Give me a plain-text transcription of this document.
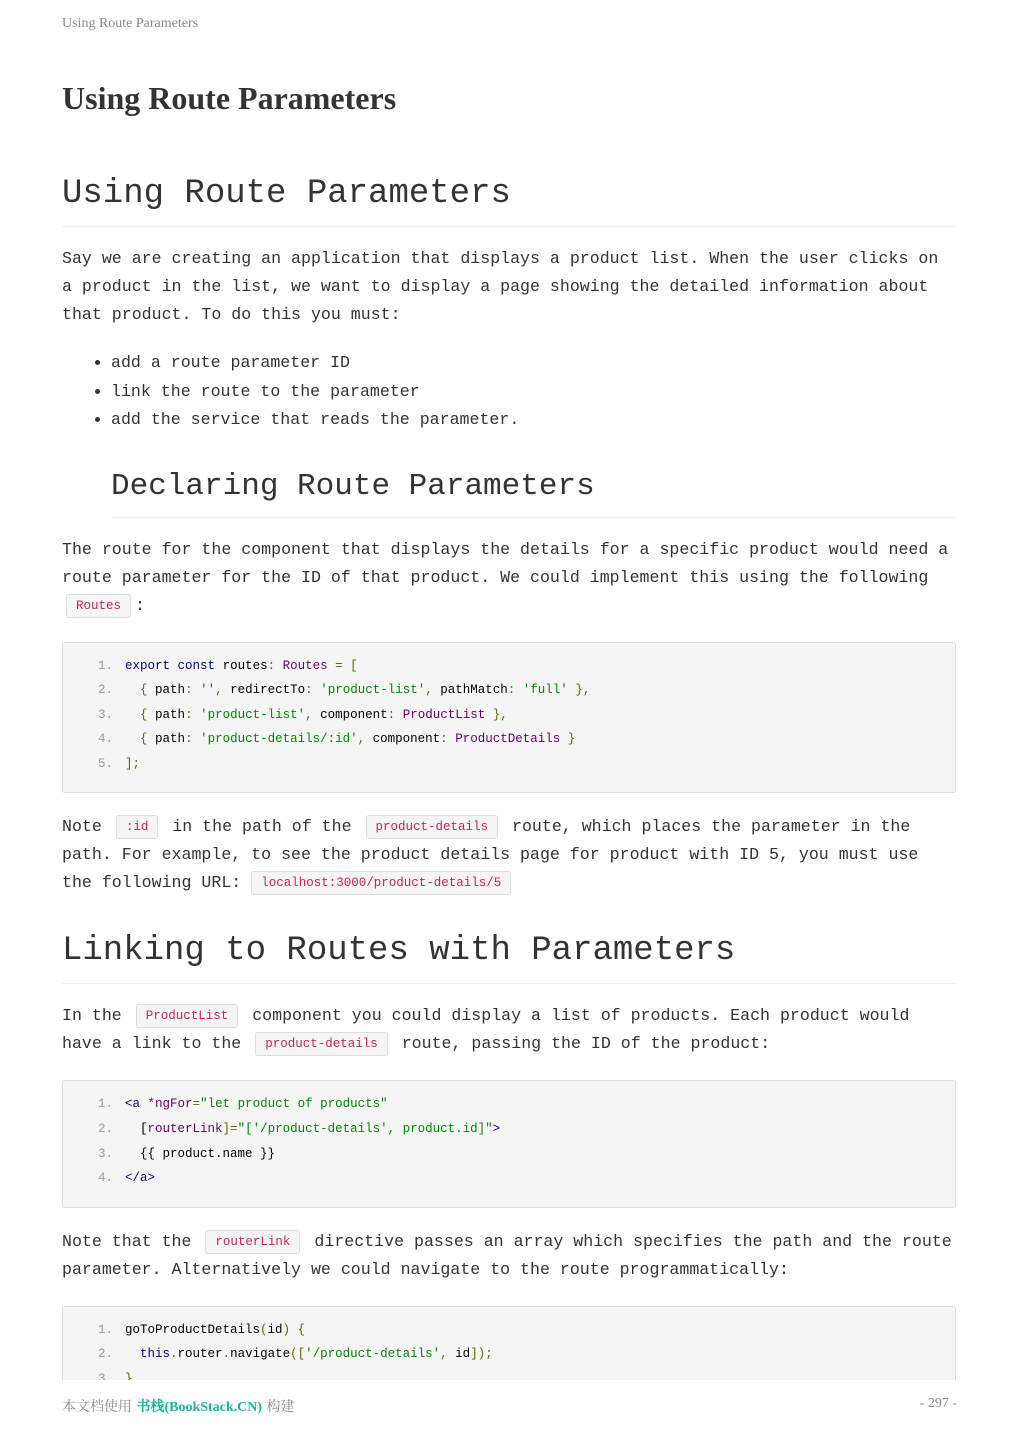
Using Route Parameters
Using Route Parameters
Using Route Parameters

Say we are creating an application that displays a product list. When the user clicks on a product in the list, we want to display a page showing the detailed information about that product. To do this you must:

• add a route parameter ID
• link the route to the parameter
• add the service that reads the parameter.
Declaring Route Parameters

The route for the component that displays the details for a specific product would need a route parameter for the ID of that product. We could implement this using the following Routes :

1. export const routes: Routes = [
2.	{ path: '', redirectTo: 'product-list', pathMatch: 'full' },
3.	{ path: 'product-list', component: ProductList },
4.	{ path: 'product-details/:id', component: ProductDetails }
5. ];

Note :id in the path of the product-details route, which places the parameter in the path. For example, to see the product details page for product with ID 5, you must use the following URL: localhost:3000/product-details/5

Linking to Routes with Parameters

In the ProductList component you could display a list of products. Each product would have a link to the product-details route, passing the ID of the product:

1. <a *ngFor="let product of products"
2.	[routerLink]="['/product-details', product.id]">
3.	{{ product.name }}
4. </a>

Note that the routerLink directive passes an array which specifies the path and the route parameter. Alternatively we could navigate to the route programmatically:

1. goToProductDetails(id) {
2.	this.router.navigate(['/product-details', id]);
本文档使用 书栈(BookStack.CN) 构建	- 297 -
